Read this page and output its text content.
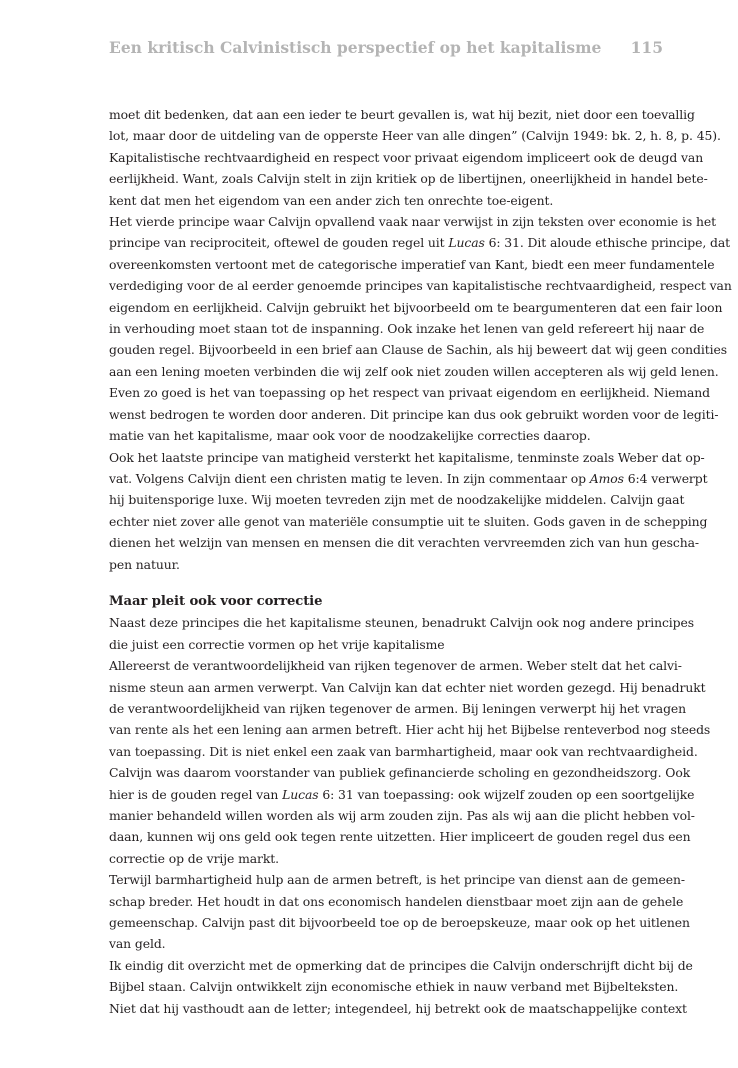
Een kritisch Calvinistisch perspectief op het kapitalisme 115
moet dit bedenken, dat aan een ieder te beurt gevallen is, wat hij bezit, niet door een toevallig
lot, maar door de uitdeling van de opperste Heer van alle dingen” (Calvijn 1949: bk. 2, h. 8, p. 45).
Kapitalistische rechtvaardigheid en respect voor privaat eigendom impliceert ook de deugd van
eerlijkheid. Want, zoals Calvijn stelt in zijn kritiek op de libertijnen, oneerlijkheid in handel bete-
kent dat men het eigendom van een ander zich ten onrechte toe-eigent.
Het vierde principe waar Calvijn opvallend vaak naar verwijst in zijn teksten over economie is het
principe van reciprociteit, oftewel de gouden regel uit Lucas 6: 31. Dit aloude ethische principe, dat
overeenkomsten vertoont met de categorische imperatief van Kant, biedt een meer fundamentele
verdediging voor de al eerder genoemde principes van kapitalistische rechtvaardigheid, respect van
eigendom en eerlijkheid. Calvijn gebruikt het bijvoorbeeld om te beargumenteren dat een fair loon
in verhouding moet staan tot de inspanning. Ook inzake het lenen van geld refereert hij naar de
gouden regel. Bijvoorbeeld in een brief aan Clause de Sachin, als hij beweert dat wij geen condities
aan een lening moeten verbinden die wij zelf ook niet zouden willen accepteren als wij geld lenen.
Even zo goed is het van toepassing op het respect van privaat eigendom en eerlijkheid. Niemand
wenst bedrogen te worden door anderen. Dit principe kan dus ook gebruikt worden voor de legiti-
matie van het kapitalisme, maar ook voor de noodzakelijke correcties daarop.
Ook het laatste principe van matigheid versterkt het kapitalisme, tenminste zoals Weber dat op-
vat. Volgens Calvijn dient een christen matig te leven. In zijn commentaar op Amos 6:4 verwerpt
hij buitensporige luxe. Wij moeten tevreden zijn met de noodzakelijke middelen. Calvijn gaat
echter niet zover alle genot van materiële consumptie uit te sluiten. Gods gaven in de schepping
dienen het welzijn van mensen en mensen die dit verachten vervreemden zich van hun gescha-
pen natuur.
Maar pleit ook voor correctie
Naast deze principes die het kapitalisme steunen, benadrukt Calvijn ook nog andere principes
die juist een correctie vormen op het vrije kapitalisme
Allereerst de verantwoordelijkheid van rijken tegenover de armen. Weber stelt dat het calvi-
nisme steun aan armen verwerpt. Van Calvijn kan dat echter niet worden gezegd. Hij benadrukt
de verantwoordelijkheid van rijken tegenover de armen. Bij leningen verwerpt hij het vragen
van rente als het een lening aan armen betreft. Hier acht hij het Bijbelse renteverbod nog steeds
van toepassing. Dit is niet enkel een zaak van barmhartigheid, maar ook van rechtvaardigheid.
Calvijn was daarom voorstander van publiek gefinancierde scholing en gezondheidszorg. Ook
hier is de gouden regel van Lucas 6: 31 van toepassing: ook wijzelf zouden op een soortgelijke
manier behandeld willen worden als wij arm zouden zijn. Pas als wij aan die plicht hebben vol-
daan, kunnen wij ons geld ook tegen rente uitzetten. Hier impliceert de gouden regel dus een
correctie op de vrije markt.
Terwijl barmhartigheid hulp aan de armen betreft, is het principe van dienst aan de gemeen-
schap breder. Het houdt in dat ons economisch handelen dienstbaar moet zijn aan de gehele
gemeenschap. Calvijn past dit bijvoorbeeld toe op de beroepskeuze, maar ook op het uitlenen
van geld.
Ik eindig dit overzicht met de opmerking dat de principes die Calvijn onderschrijft dicht bij de
Bijbel staan. Calvijn ontwikkelt zijn economische ethiek in nauw verband met Bijbelteksten.
Niet dat hij vasthoudt aan de letter; integendeel, hij betrekt ook de maatschappelijke context
